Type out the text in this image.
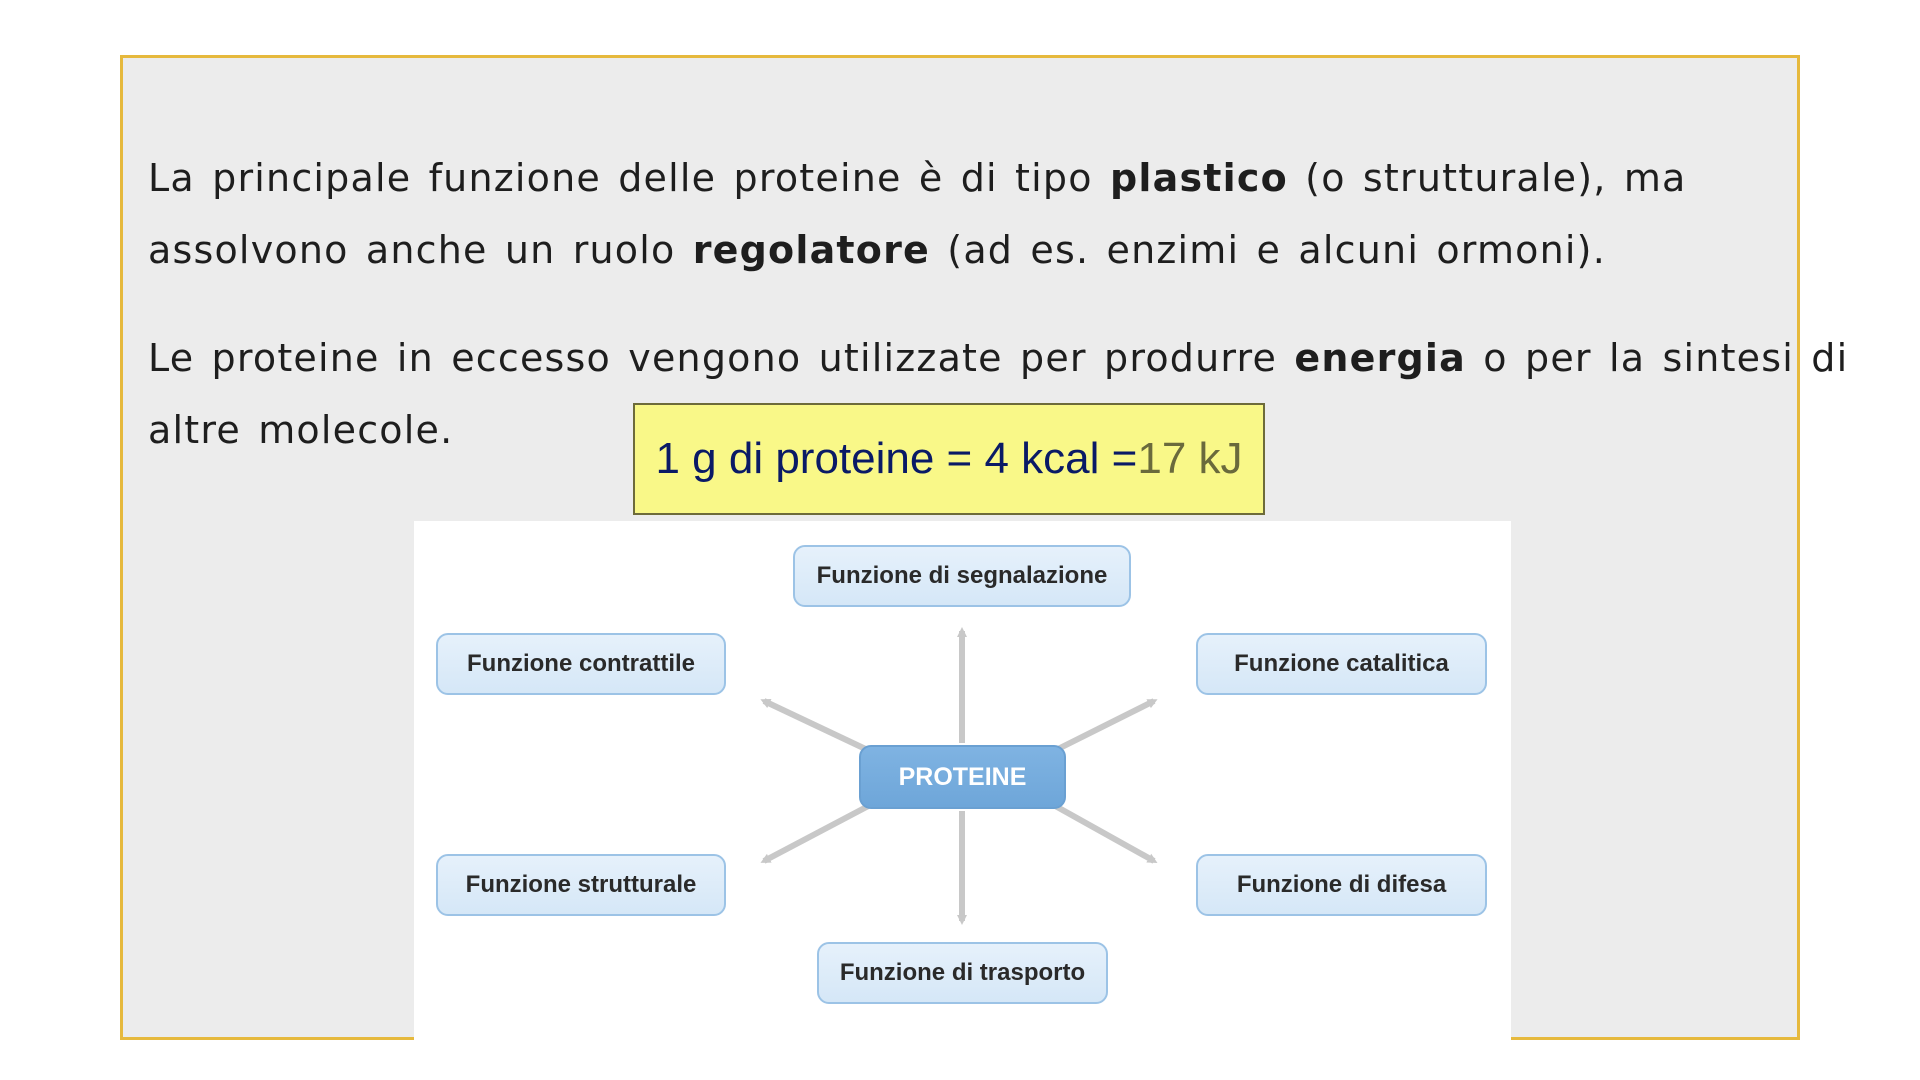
La principale funzione delle proteine è di tipo plastico (o strutturale), ma
assolvono anche un ruolo regolatore (ad es. enzimi e alcuni ormoni).
Le proteine in eccesso vengono utilizzate per produrre energia o per la sintesi di
altre molecole.
1 g di proteine = 4 kcal = 17 kJ
Funzione di segnalazione
Funzione contrattile	Funzione catalitica
PROTEINE
Funzione strutturale	Funzione di difesa
Funzione di trasporto
